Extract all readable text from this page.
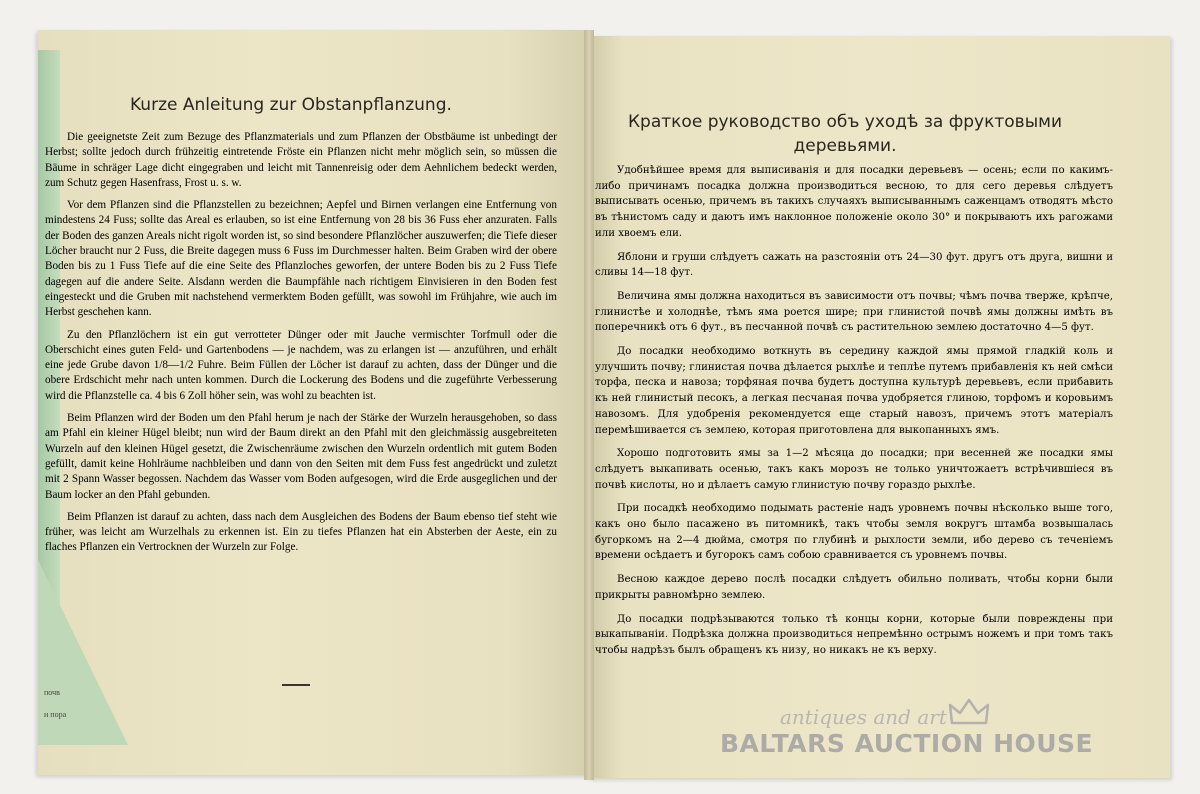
Kurze Anleitung zur Obstanpflanzung.

Die geeignetste Zeit zum Bezuge des Pflanzmaterials und zum Pflanzen der Obstbäume ist unbedingt der Herbst; sollte jedoch durch frühzeitig eintretende Fröste ein Pflanzen nicht mehr möglich sein, so müssen die Bäume in schräger Lage dicht eingegraben und leicht mit Tannenreisig oder dem Aehnlichem bedeckt werden, zum Schutz gegen Hasenfrass, Frost u. s. w.

Vor dem Pflanzen sind die Pflanzstellen zu bezeichnen; Aepfel und Birnen verlangen eine Entfernung von mindestens 24 Fuss; sollte das Areal es erlauben, so ist eine Entfernung von 28 bis 36 Fuss eher anzuraten. Falls der Boden des ganzen Areals nicht rigolt worden ist, so sind besondere Pflanzlöcher auszuwerfen; die Tiefe dieser Löcher braucht nur 2 Fuss, die Breite dagegen muss 6 Fuss im Durchmesser halten. Beim Graben wird der obere Boden bis zu 1 Fuss Tiefe auf die eine Seite des Pflanzloches geworfen, der untere Boden bis zu 2 Fuss Tiefe dagegen auf die andere Seite. Alsdann werden die Baumpfähle nach richtigem Einvisieren in den Boden fest eingesteckt und die Gruben mit nachstehend vermerktem Boden gefüllt, was sowohl im Frühjahre, wie auch im Herbst geschehen kann.

Zu den Pflanzlöchern ist ein gut verrotteter Dünger oder mit Jauche vermischter Torfmull oder die Oberschicht eines guten Feld- und Gartenbodens — je nachdem, was zu erlangen ist — anzuführen, und erhält eine jede Grube davon 1/8—1/2 Fuhre. Beim Füllen der Löcher ist darauf zu achten, dass der Dünger und die obere Erdschicht mehr nach unten kommen. Durch die Lockerung des Bodens und die zugeführte Verbesserung wird die Pflanzstelle ca. 4 bis 6 Zoll höher sein, was wohl zu beachten ist.

Beim Pflanzen wird der Boden um den Pfahl herum je nach der Stärke der Wurzeln herausgehoben, so dass am Pfahl ein kleiner Hügel bleibt; nun wird der Baum direkt an den Pfahl mit den gleichmässig ausgebreiteten Wurzeln auf den kleinen Hügel gesetzt, die Zwischenräume zwischen den Wurzeln ordentlich mit gutem Boden gefüllt, damit keine Hohlräume nachbleiben und dann von den Seiten mit dem Fuss fest angedrückt und zuletzt mit 2 Spann Wasser begossen. Nachdem das Wasser vom Boden aufgesogen, wird die Erde ausgeglichen und der Baum locker an den Pfahl gebunden.

Beim Pflanzen ist darauf zu achten, dass nach dem Ausgleichen des Bodens der Baum ebenso tief steht wie früher, was leicht am Wurzelhals zu erkennen ist. Ein zu tiefes Pflanzen hat ein Absterben der Aeste, ein zu flaches Pflanzen ein Vertrocknen der Wurzeln zur Folge.

почв
и пора
Краткое руководство объ уходѣ за фруктовыми деревьями.

Удобнѣйшее время для выписиванія и для посадки деревьевъ — осень; если по какимъ-либо причинамъ посадка должна производиться весною, то для сего деревья слѣдуетъ выписывать осенью, причемъ въ такихъ случаяхъ выписываннымъ саженцамъ отводятъ мѣсто въ тѣнистомъ саду и даютъ имъ наклонное положеніе около 30° и покрываютъ ихъ рагожами или хвоемъ ели.

Яблони и груши слѣдуетъ сажать на разстояніи отъ 24—30 фут. другъ отъ друга, вишни и сливы 14—18 фут.

Величина ямы должна находиться въ зависимости отъ почвы; чѣмъ почва тверже, крѣпче, глинистѣе и холоднѣе, тѣмъ яма роется шире; при глинистой почвѣ ямы должны имѣть въ поперечникѣ отъ 6 фут., въ песчанной почвѣ съ растительною землею достаточно 4—5 фут.

До посадки необходимо воткнуть въ середину каждой ямы прямой гладкій коль и улучшить почву; глинистая почва дѣлается рыхлѣе и теплѣе путемъ прибавленія къ ней смѣси торфа, песка и навоза; торфяная почва будетъ доступна культурѣ деревьевъ, если прибавить къ ней глинистый песокъ, а легкая песчаная почва удобряется глиною, торфомъ и коровьимъ навозомъ. Для удобренія рекомендуется еще старый навозъ, причемъ этотъ матеріалъ перемѣшивается съ землею, которая приготовлена для выкопанныхъ ямъ.

Хорошо подготовить ямы за 1—2 мѣсяца до посадки; при весенней же посадки ямы слѣдуетъ выкапивать осенью, такъ какъ морозъ не только уничтожаетъ встрѣчившіеся въ почвѣ кислоты, но и дѣлаетъ самую глинистую почву гораздо рыхлѣе.

При посадкѣ необходимо подымать растеніе надъ уровнемъ почвы нѣсколько выше того, какъ оно было пасажено въ питомникѣ, такъ чтобы земля вокругъ штамба возвышалась бугоркомъ на 2—4 дюйма, смотря по глубинѣ и рыхлости земли, ибо дерево съ теченіемъ времени осѣдаетъ и бугорокъ самъ собою сравнивается съ уровнемъ почвы.

Весною каждое дерево послѣ посадки слѣдуетъ обильно поливать, чтобы корни были прикрыты равномѣрно землею.

До посадки подрѣзываются только тѣ концы корни, которые были повреждены при выкапываніи. Подрѣзка должна производиться непремѣнно острымъ ножемъ и при томъ такъ чтобы надрѣзъ былъ обращенъ къ низу, но никакъ не къ верху.

antiques and art
BALTARS AUCTION HOUSE
